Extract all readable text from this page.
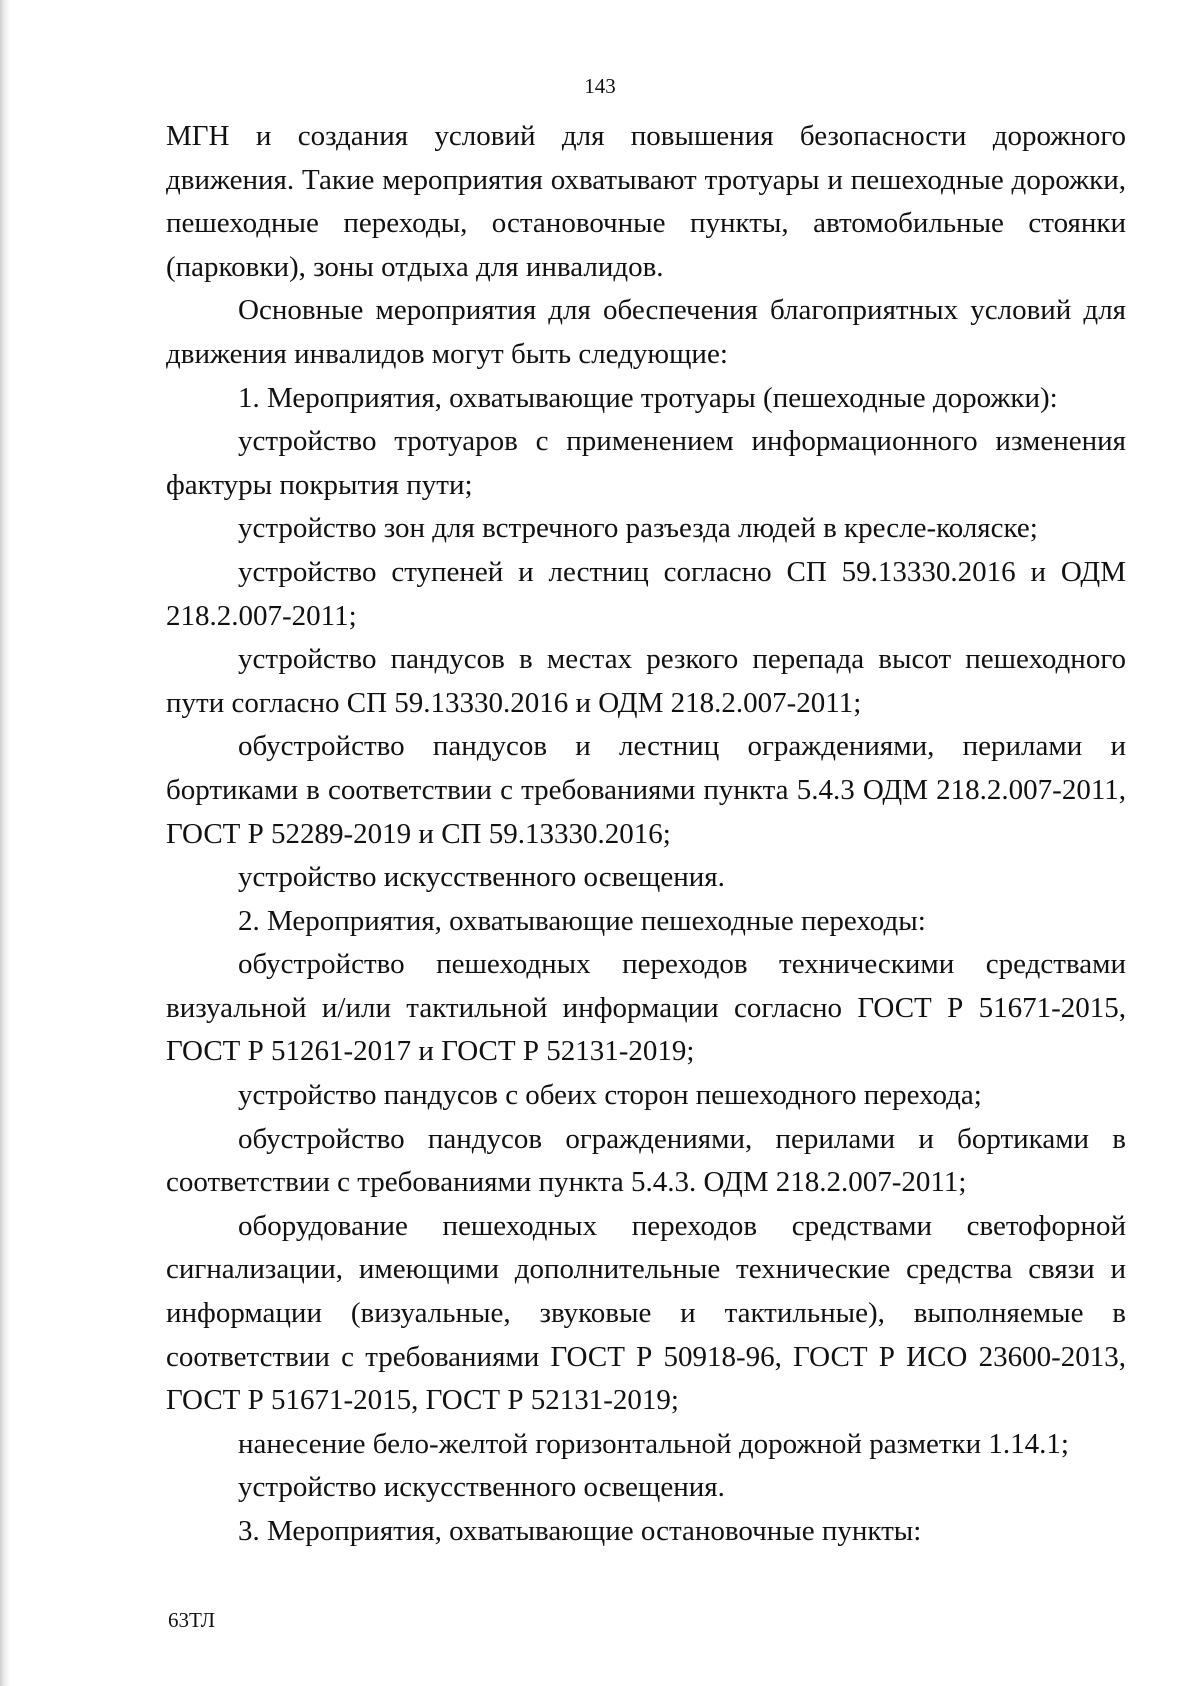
143

МГН и создания условий для повышения безопасности дорожного движения. Такие мероприятия охватывают тротуары и пешеходные дорожки, пешеходные переходы, остановочные пункты, автомобильные стоянки (парковки), зоны отдыха для инвалидов.

Основные мероприятия для обеспечения благоприятных условий для движения инвалидов могут быть следующие:

1. Мероприятия, охватывающие тротуары (пешеходные дорожки):

устройство тротуаров с применением информационного изменения фактуры покрытия пути;

устройство зон для встречного разъезда людей в кресле-коляске;

устройство ступеней и лестниц согласно СП 59.13330.2016 и ОДМ 218.2.007-2011;

устройство пандусов в местах резкого перепада высот пешеходного пути согласно СП 59.13330.2016 и ОДМ 218.2.007-2011;

обустройство пандусов и лестниц ограждениями, перилами и бортиками в соответствии с требованиями пункта 5.4.3 ОДМ 218.2.007-2011, ГОСТ Р 52289-2019 и СП 59.13330.2016;

устройство искусственного освещения.

2. Мероприятия, охватывающие пешеходные переходы:

обустройство пешеходных переходов техническими средствами визуальной и/или тактильной информации согласно ГОСТ Р 51671-2015, ГОСТ Р 51261-2017 и ГОСТ Р 52131-2019;

устройство пандусов с обеих сторон пешеходного перехода;

обустройство пандусов ограждениями, перилами и бортиками в соответствии с требованиями пункта 5.4.3. ОДМ 218.2.007-2011;

оборудование пешеходных переходов средствами светофорной сигнализации, имеющими дополнительные технические средства связи и информации (визуальные, звуковые и тактильные), выполняемые в соответствии с требованиями ГОСТ Р 50918-96, ГОСТ Р ИСО 23600-2013, ГОСТ Р 51671-2015, ГОСТ Р 52131-2019;

нанесение бело-желтой горизонтальной дорожной разметки 1.14.1;

устройство искусственного освещения.

3. Мероприятия, охватывающие остановочные пункты:

63ТЛ
